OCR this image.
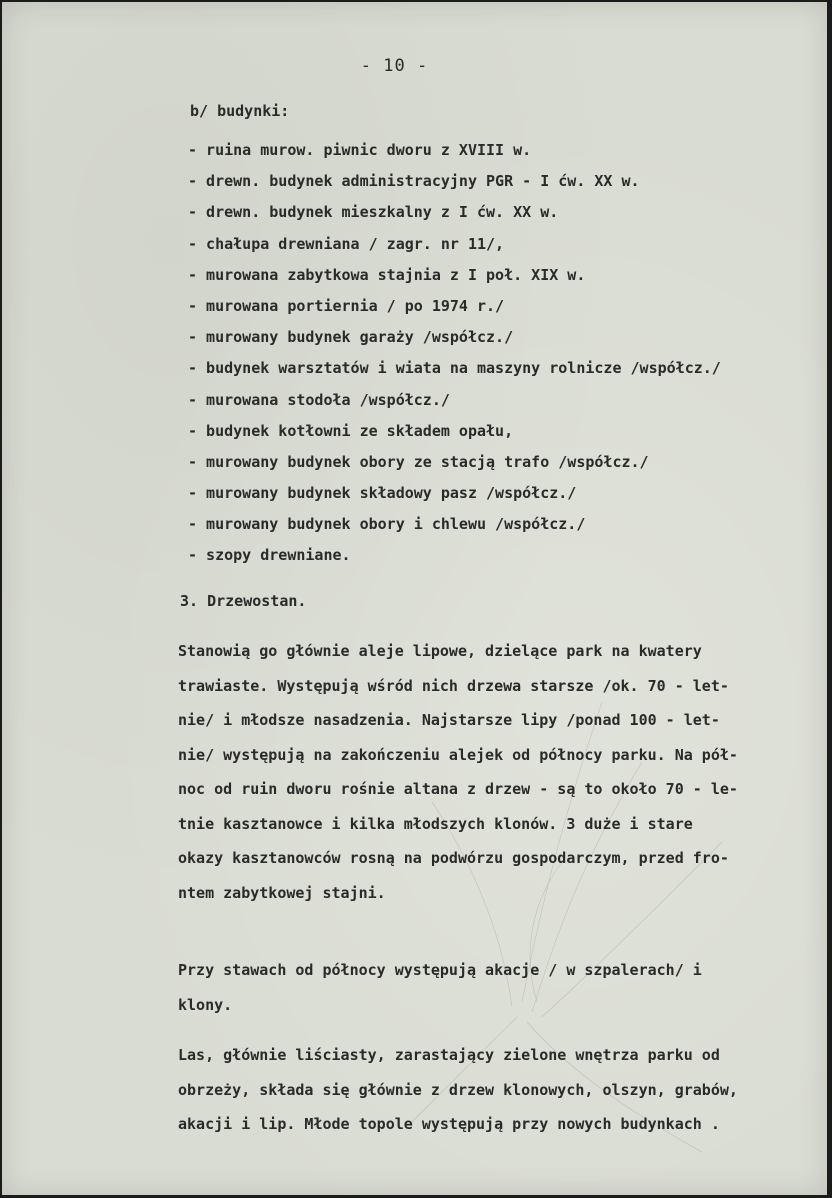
- 10 -
b/ budynki:
- ruina murow. piwnic dworu z XVIII w.
- drewn. budynek administracyjny PGR - I ćw. XX w.
- drewn. budynek mieszkalny z I ćw. XX w.
- chałupa drewniana / zagr. nr 11/,
- murowana zabytkowa stajnia z I poł. XIX w.
- murowana portiernia / po 1974 r./
- murowany budynek garaży /współcz./
- budynek warsztatów i wiata na maszyny rolnicze /współcz./
- murowana stodoła /współcz./
- budynek kotłowni ze składem opału,
- murowany budynek obory ze stacją trafo /współcz./
- murowany budynek składowy pasz /współcz./
- murowany budynek obory i chlewu /współcz./
- szopy drewniane.
3. Drzewostan.
Stanowią go głównie aleje lipowe, dzielące park na kwatery
trawiaste. Występują wśród nich drzewa starsze /ok. 70 - let-
nie/ i młodsze nasadzenia. Najstarsze lipy /ponad 100 - let-
nie/ występują na zakończeniu alejek od północy parku. Na pół-
noc od ruin dworu rośnie altana z drzew - są to około 70 - le-
tnie kasztanowce i kilka młodszych klonów. 3 duże i stare
okazy kasztanowców rosną na podwórzu gospodarczym, przed fro-
ntem zabytkowej stajni.
Przy stawach od północy występują akacje / w szpalerach/ i
klony.
Las, głównie liściasty, zarastający zielone wnętrza parku od
obrzeży, składa się głównie z drzew klonowych, olszyn, grabów,
akacji i lip. Młode topole występują przy nowych budynkach .
